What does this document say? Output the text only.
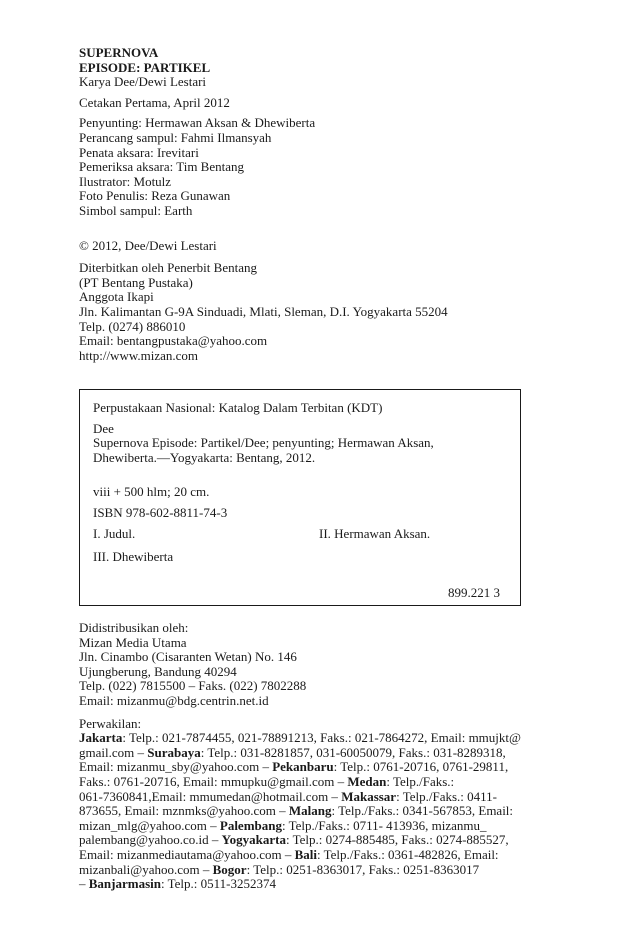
SUPERNOVA
EPISODE: PARTIKEL
Karya Dee/Dewi Lestari
Cetakan Pertama, April 2012
Penyunting: Hermawan Aksan & Dhewiberta
Perancang sampul: Fahmi Ilmansyah
Penata aksara: Irevitari
Pemeriksa aksara: Tim Bentang
Ilustrator: Motulz
Foto Penulis: Reza Gunawan
Simbol sampul: Earth
© 2012, Dee/Dewi Lestari
Diterbitkan oleh Penerbit Bentang
(PT Bentang Pustaka)
Anggota Ikapi
Jln. Kalimantan G-9A Sinduadi, Mlati, Sleman, D.I. Yogyakarta 55204
Telp. (0274) 886010
Email: bentangpustaka@yahoo.com
http://www.mizan.com
Perpustakaan Nasional: Katalog Dalam Terbitan (KDT)
Dee
Supernova Episode: Partikel/Dee; penyunting; Hermawan Aksan,
Dhewiberta.—Yogyakarta: Bentang, 2012.
viii + 500 hlm; 20 cm.
ISBN 978-602-8811-74-3
I. Judul.	II. Hermawan Aksan.
III. Dhewiberta
899.221 3
Didistribusikan oleh:
Mizan Media Utama
Jln. Cinambo (Cisaranten Wetan) No. 146
Ujungberung, Bandung 40294
Telp. (022) 7815500 – Faks. (022) 7802288
Email: mizanmu@bdg.centrin.net.id
Perwakilan:
Jakarta: Telp.: 021-7874455, 021-78891213, Faks.: 021-7864272, Email: mmujkt@
gmail.com – Surabaya: Telp.: 031-8281857, 031-60050079, Faks.: 031-8289318,
Email: mizanmu_sby@yahoo.com – Pekanbaru: Telp.: 0761-20716, 0761-29811,
Faks.: 0761-20716, Email: mmupku@gmail.com – Medan: Telp./Faks.:
061-7360841,Email: mmumedan@hotmail.com – Makassar: Telp./Faks.: 0411-
873655, Email: mznmks@yahoo.com – Malang: Telp./Faks.: 0341-567853, Email:
mizan_mlg@yahoo.com – Palembang: Telp./Faks.: 0711- 413936, mizanmu_
palembang@yahoo.co.id – Yogyakarta: Telp.: 0274-885485, Faks.: 0274-885527,
Email: mizanmediautama@yahoo.com – Bali: Telp./Faks.: 0361-482826, Email:
mizanbali@yahoo.com – Bogor: Telp.: 0251-8363017, Faks.: 0251-8363017
– Banjarmasin: Telp.: 0511-3252374
